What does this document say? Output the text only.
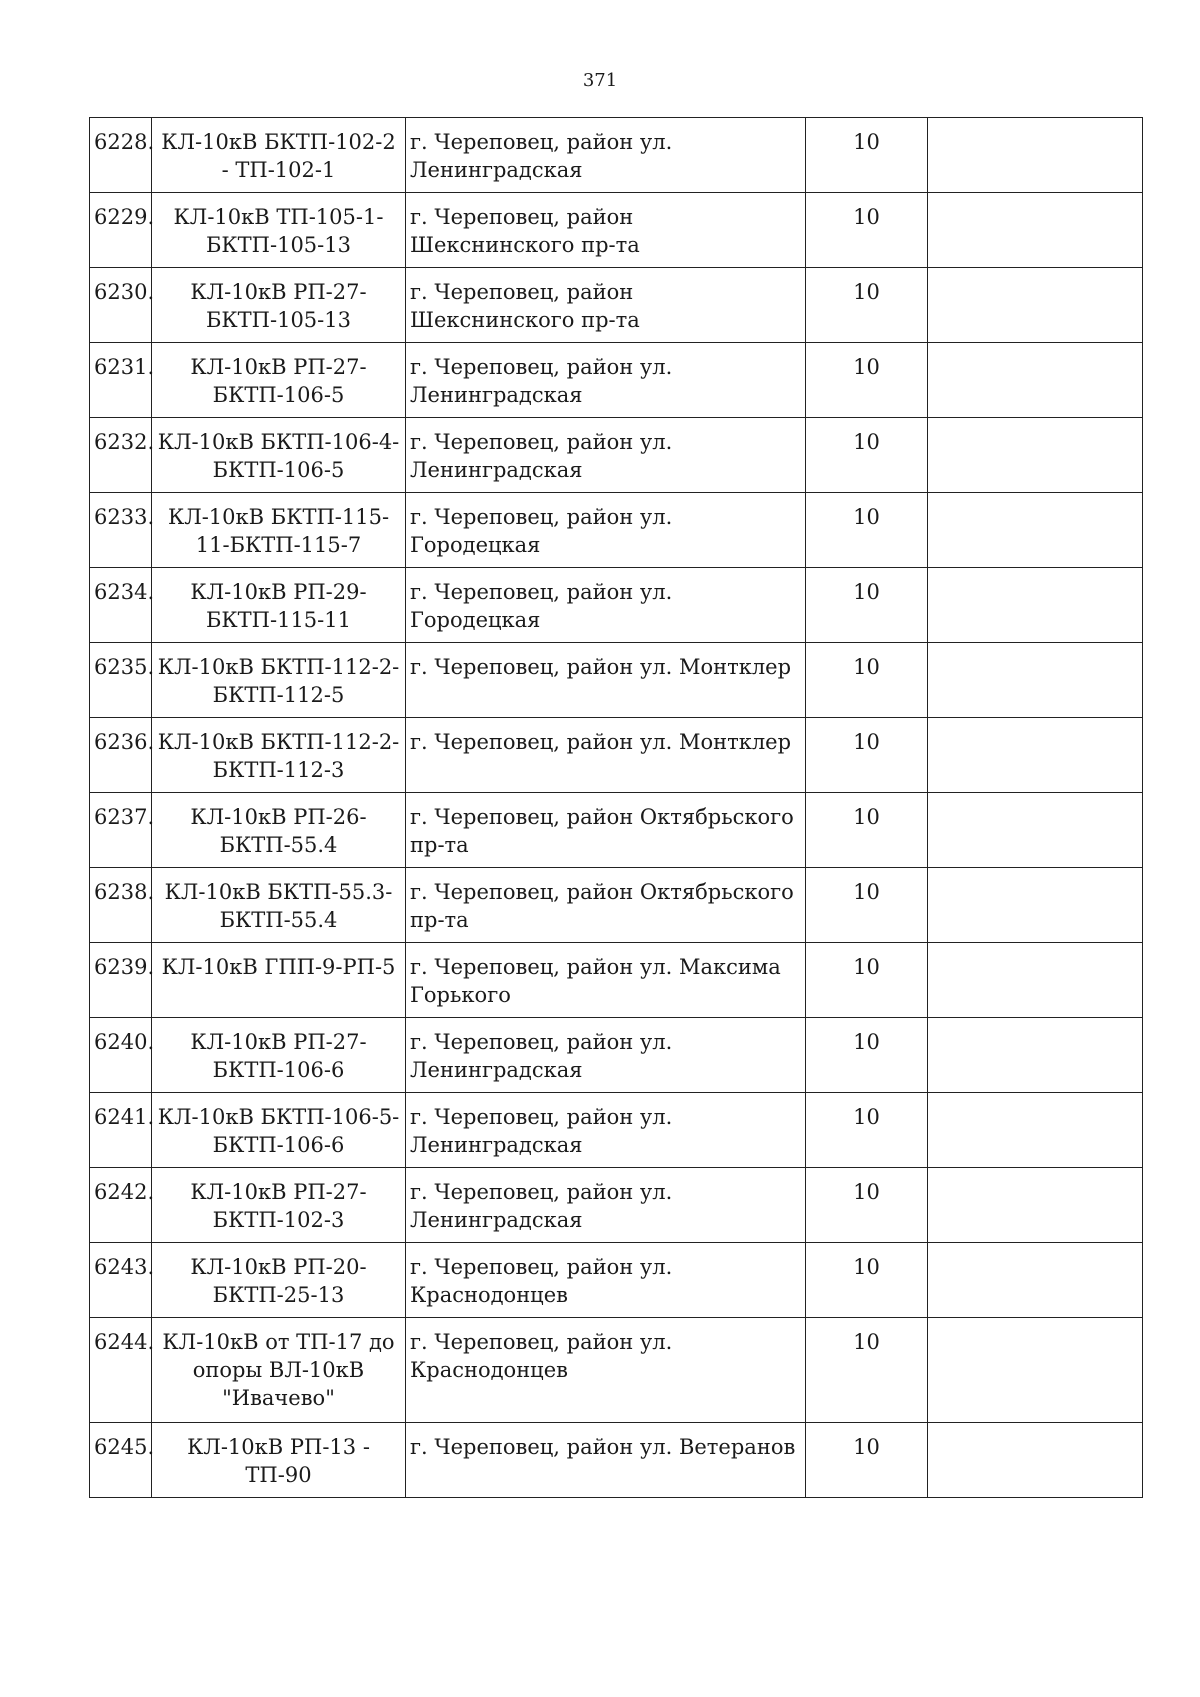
371
6228.	КЛ-10кВ БКТП-102-2 - ТП-102-1	г. Череповец, район ул. Ленинградская	10	
6229.	КЛ-10кВ ТП-105-1-БКТП-105-13	г. Череповец, район Шекснинского пр-та	10	
6230.	КЛ-10кВ РП-27-БКТП-105-13	г. Череповец, район Шекснинского пр-та	10	
6231.	КЛ-10кВ РП-27-БКТП-106-5	г. Череповец, район ул. Ленинградская	10	
6232.	КЛ-10кВ БКТП-106-4-БКТП-106-5	г. Череповец, район ул. Ленинградская	10	
6233.	КЛ-10кВ БКТП-115-11-БКТП-115-7	г. Череповец, район ул. Городецкая	10	
6234.	КЛ-10кВ РП-29-БКТП-115-11	г. Череповец, район ул. Городецкая	10	
6235.	КЛ-10кВ БКТП-112-2-БКТП-112-5	г. Череповец, район ул. Монтклер	10	
6236.	КЛ-10кВ БКТП-112-2-БКТП-112-3	г. Череповец, район ул. Монтклер	10	
6237.	КЛ-10кВ РП-26-БКТП-55.4	г. Череповец, район Октябрьского пр-та	10	
6238.	КЛ-10кВ БКТП-55.3-БКТП-55.4	г. Череповец, район Октябрьского пр-та	10	
6239.	КЛ-10кВ ГПП-9-РП-5	г. Череповец, район ул. Максима Горького	10	
6240.	КЛ-10кВ РП-27-БКТП-106-6	г. Череповец, район ул. Ленинградская	10	
6241.	КЛ-10кВ БКТП-106-5-БКТП-106-6	г. Череповец, район ул. Ленинградская	10	
6242.	КЛ-10кВ РП-27-БКТП-102-3	г. Череповец, район ул. Ленинградская	10	
6243.	КЛ-10кВ РП-20-БКТП-25-13	г. Череповец, район ул. Краснодонцев	10	
6244.	КЛ-10кВ от ТП-17 до опоры ВЛ-10кВ "Ивачево"	г. Череповец, район ул. Краснодонцев	10	
6245.	КЛ-10кВ РП-13 - ТП-90	г. Череповец, район ул. Ветеранов	10	
